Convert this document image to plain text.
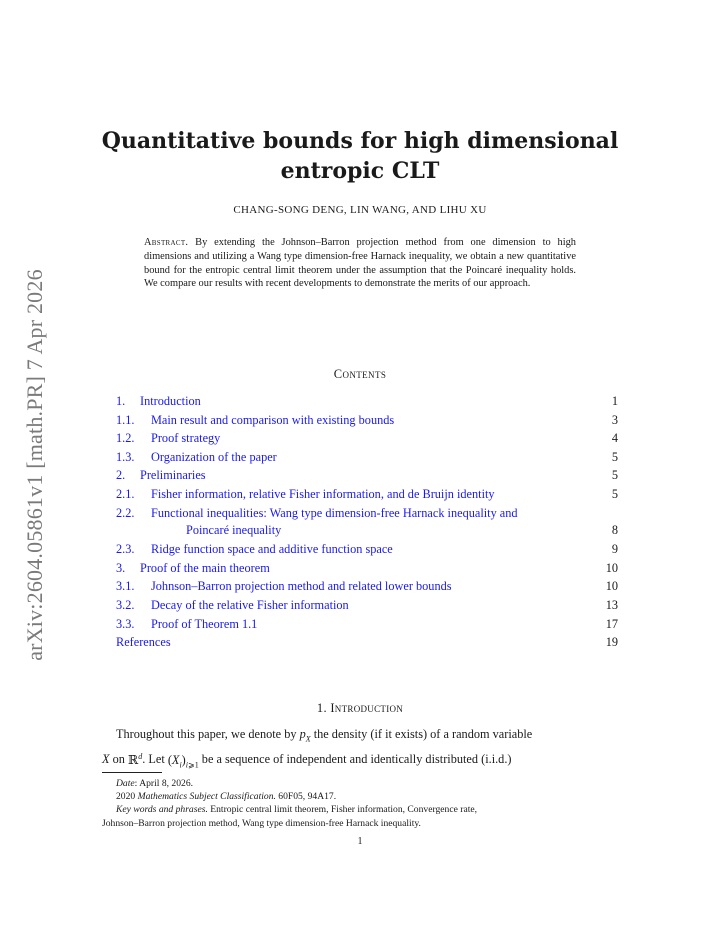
arXiv:2604.05861v1 [math.PR] 7 Apr 2026
Quantitative bounds for high dimensional
entropic CLT
CHANG-SONG DENG, LIN WANG, AND LIHU XU
Abstract. By extending the Johnson–Barron projection method from one dimension to high dimensions and utilizing a Wang type dimension-free Harnack inequality, we obtain a new quantitative bound for the entropic central limit theorem under the assumption that the Poincaré inequality holds. We compare our results with recent developments to demonstrate the merits of our approach.
Contents
1. Introduction	1
1.1. Main result and comparison with existing bounds	3
1.2. Proof strategy	4
1.3. Organization of the paper	5
2. Preliminaries	5
2.1. Fisher information, relative Fisher information, and de Bruijn identity	5
2.2. Functional inequalities: Wang type dimension-free Harnack inequality and
Poincaré inequality	8
2.3. Ridge function space and additive function space	9
3. Proof of the main theorem	10
3.1. Johnson–Barron projection method and related lower bounds	10
3.2. Decay of the relative Fisher information	13
3.3. Proof of Theorem 1.1	17
References	19
1. Introduction
Throughout this paper, we denote by $p_X$ the density (if it exists) of a random variable
X on ℝ$^d$. Let $(X_i)_{i⩾1}$ be a sequence of independent and identically distributed (i.i.d.)
Date: April 8, 2026.
2020 Mathematics Subject Classification. 60F05, 94A17.
Key words and phrases. Entropic central limit theorem, Fisher information, Convergence rate,
Johnson–Barron projection method, Wang type dimension-free Harnack inequality.
1
